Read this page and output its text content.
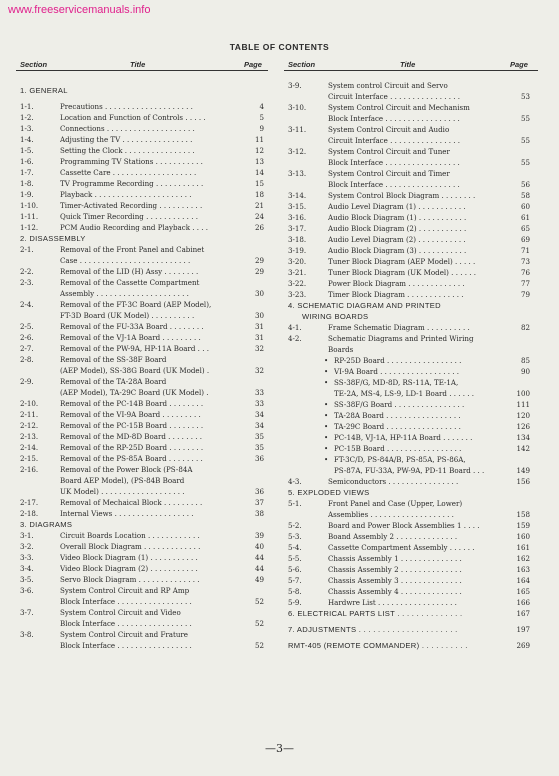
www.freeservicemanuals.info
TABLE OF CONTENTS
Section	Title	Page	Section	Title	Page
1. GENERAL
1-1.	Precautions . . . . . . . . . . . . . . . . . . . .	4
1-2.	Location and Function of Controls . . . . .	5
1-3.	Connections . . . . . . . . . . . . . . . . . . . .	9
1-4.	Adjusting the TV . . . . . . . . . . . . . . . .	11
1-5.	Setting the Clock . . . . . . . . . . . . . . . .	12
1-6.	Programming TV Stations . . . . . . . . . . .	13
1-7.	Cassette Care . . . . . . . . . . . . . . . . . . .	14
1-8.	TV Programme Recording . . . . . . . . . . .	15
1-9.	Playback . . . . . . . . . . . . . . . . . . . . . .	18
1-10.	Timer-Activated Recording . . . . . . . . . .	21
1-11.	Quick Timer Recording . . . . . . . . . . . .	24
1-12.	PCM Audio Recording and Playback . . . .	26
2. DISASSEMBLY
2-1.	Removal of the Front Panel and Cabinet
Case . . . . . . . . . . . . . . . . . . . . . . . . .	29
2-2.	Removal of the LID (H) Assy . . . . . . . .	29
2-3.	Removal of the Cassette Compartment
Assembly . . . . . . . . . . . . . . . . . . . . .	30
2-4.	Removal of the FT-3C Board (AEP Model),
FT-3D Board (UK Model) . . . . . . . . . .	30
2-5.	Removal of the FU-33A Board . . . . . . . .	31
2-6.	Removal of the VJ-1A Board . . . . . . . . .	31
2-7.	Removal of the PW-9A, HP-11A Board . . .	32
2-8.	Removal of the SS-38F Board
(AEP Model), SS-38G Board (UK Model) .	32
2-9.	Removal of the TA-28A Board
(AEP Model), TA-29C Board (UK Model) .	33
2-10.	Removal of the PC-14B Board . . . . . . . .	33
2-11.	Removal of the VI-9A Board . . . . . . . . .	34
2-12.	Removal of the PC-15B Board . . . . . . . .	34
2-13.	Removal of the MD-8D Board . . . . . . . .	35
2-14.	Removal of the RP-25D Board . . . . . . . .	35
2-15.	Removal of the PS-85A Board . . . . . . . .	36
2-16.	Removal of the Power Block (PS-84A
Board AEP Model), (PS-84B Board
UK Model) . . . . . . . . . . . . . . . . . . .	36
2-17.	Removal of Mechaical Block . . . . . . . . .	37
2-18.	Internal Views . . . . . . . . . . . . . . . . . .	38
3. DIAGRAMS
3-1.	Circuit Boards Location . . . . . . . . . . . .	39
3-2.	Overall Block Diagram . . . . . . . . . . . . .	40
3-3.	Video Block Diagram (1) . . . . . . . . . . .	44
3-4.	Video Block Diagram (2) . . . . . . . . . . .	44
3-5.	Servo Block Diagram . . . . . . . . . . . . . .	49
3-6.	System Control Circuit and RP Amp
Block Interface . . . . . . . . . . . . . . . . .	52
3-7.	System Control Circuit and Video
Block Interface . . . . . . . . . . . . . . . . .	52
3-8.	System Control Circuit and Frature
Block Interface . . . . . . . . . . . . . . . . .	52
3-9.	System control Circuit and Servo
Circuit Interface . . . . . . . . . . . . . . . .	53
3-10.	System Control Circuit and Mechanism
Block Interface . . . . . . . . . . . . . . . . .	55
3-11.	System Control Circuit and Audio
Circuit Interface . . . . . . . . . . . . . . . .	55
3-12.	System Control Circuit and Tuner
Block Interface . . . . . . . . . . . . . . . . .	55
3-13.	System Control Circuit and Timer
Block Interface . . . . . . . . . . . . . . . . .	56
3-14.	System Control Block Diagram . . . . . . . .	58
3-15.	Audio Level Diagram (1) . . . . . . . . . . .	60
3-16.	Audio Block Diagram (1) . . . . . . . . . . .	61
3-17.	Audio Block Diagram (2) . . . . . . . . . . .	65
3-18.	Audio Level Diagram (2) . . . . . . . . . . .	69
3-19.	Audio Block Diagram (3) . . . . . . . . . . .	71
3-20.	Tuner Block Diagram (AEP Model) . . . . .	73
3-21.	Tuner Block Diagram (UK Model) . . . . . .	76
3-22.	Power Block Diagram . . . . . . . . . . . . .	77
3-23.	Timer Block Diagram . . . . . . . . . . . . .	79
4. SCHEMATIC DIAGRAM AND PRINTED
WIRING BOARDS
4-1.	Frame Schematic Diagram . . . . . . . . . .	82
4-2.	Schematic Diagrams and Printed Wiring
Boards
• RP-25D Board . . . . . . . . . . . . . . . . .	85
• VI-9A Board . . . . . . . . . . . . . . . . . .	90
• SS-38F/G, MD-8D, RS-11A, TE-1A,
TE-2A, MS-4, LS-9, LD-1 Board . . . . . .	100
• SS-38F/G Board . . . . . . . . . . . . . . . .	111
• TA-28A Board . . . . . . . . . . . . . . . . .	120
• TA-29C Board . . . . . . . . . . . . . . . . .	126
• PC-14B, VJ-1A, HP-11A Board . . . . . . .	134
• PC-15B Board . . . . . . . . . . . . . . . . .	142
• FT-3C/D, PS-84A/B, PS-85A, PS-86A,
PS-87A, FU-33A, PW-9A, PD-11 Board . . .	149
4-3.	Semiconductors . . . . . . . . . . . . . . . .	156
5. EXPLODED VIEWS
5-1.	Front Panel and Case (Upper, Lower)
Assemblies . . . . . . . . . . . . . . . . . . .	158
5-2.	Board and Power Block Assemblies 1 . . . .	159
5-3.	Boand Assembly 2 . . . . . . . . . . . . . .	160
5-4.	Cassette Compartment Assembly . . . . . .	161
5-5.	Chassis Assembly 1 . . . . . . . . . . . . . .	162
5-6.	Chassis Assembly 2 . . . . . . . . . . . . . .	163
5-7.	Chassis Assembly 3 . . . . . . . . . . . . . .	164
5-8.	Chassis Assembly 4 . . . . . . . . . . . . . .	165
5-9.	Hardwre List . . . . . . . . . . . . . . . . . .	166
6. ELECTRICAL PARTS LIST . . . . . . . . . . . . . .	167
7. ADJUSTMENTS . . . . . . . . . . . . . . . . . . . . .	197
RMT-405 (REMOTE COMMANDER) . . . . . . . . . .	269
—3—
